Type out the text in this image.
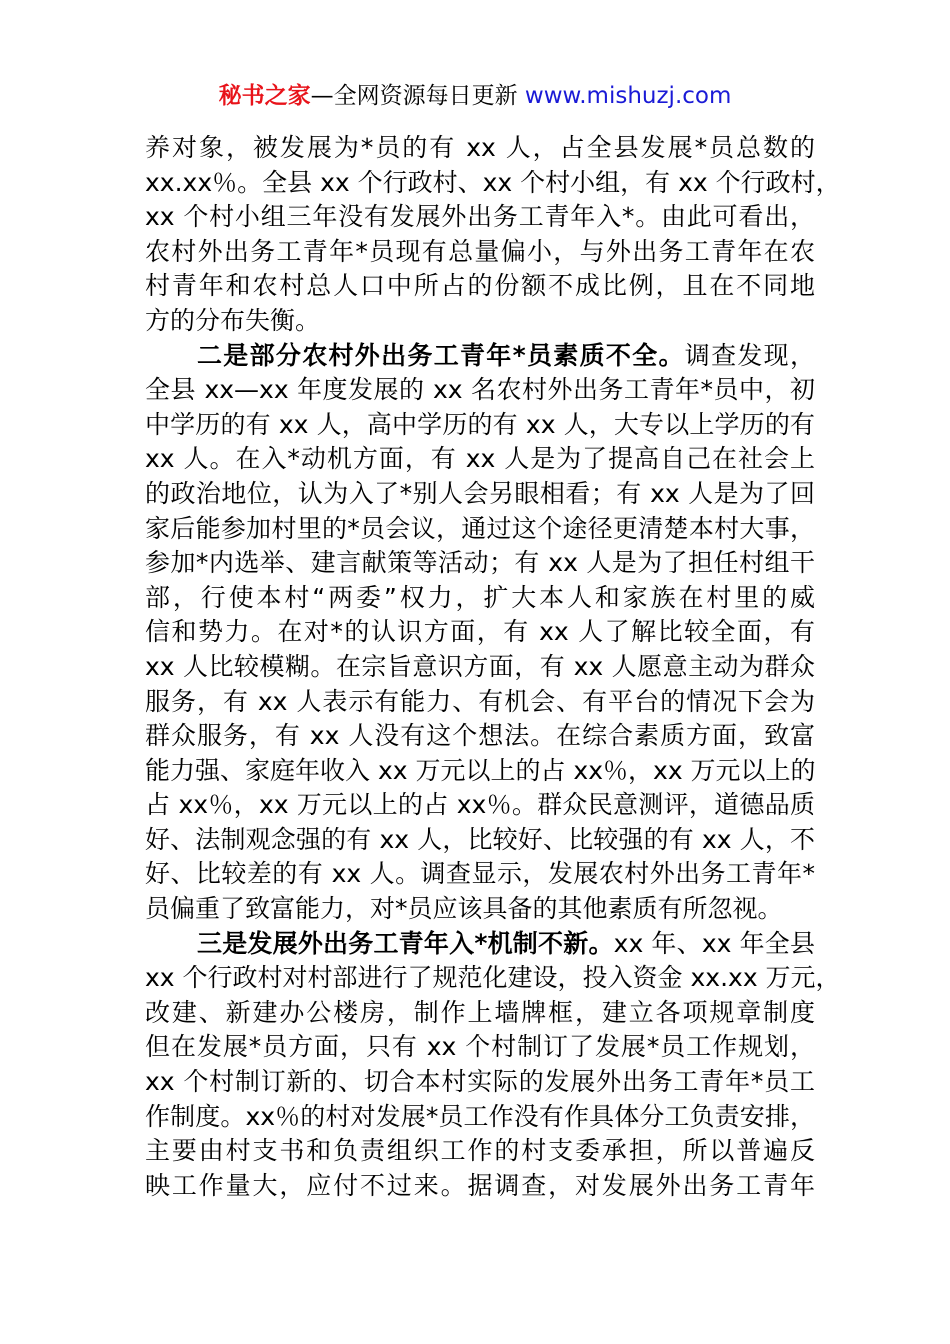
秘书之家—全网资源每日更新 www.mishuzj.com
养对象，被发展为*员的有 xx 人，占全县发展*员总数的
xx.xx％。全县 xx 个行政村、xx 个村小组，有 xx 个行政村，
xx 个村小组三年没有发展外出务工青年入*。由此可看出，
农村外出务工青年*员现有总量偏小，与外出务工青年在农
村青年和农村总人口中所占的份额不成比例，且在不同地
方的分布失衡。
二是部分农村外出务工青年*员素质不全。调查发现，
全县 xx—xx 年度发展的 xx 名农村外出务工青年*员中，初
中学历的有 xx 人，高中学历的有 xx 人，大专以上学历的有
xx 人。在入*动机方面，有 xx 人是为了提高自己在社会上
的政治地位，认为入了*别人会另眼相看；有 xx 人是为了回
家后能参加村里的*员会议，通过这个途径更清楚本村大事，
参加*内选举、建言献策等活动；有 xx 人是为了担任村组干
部，行使本村“两委”权力，扩大本人和家族在村里的威
信和势力。在对*的认识方面，有 xx 人了解比较全面，有
xx 人比较模糊。在宗旨意识方面，有 xx 人愿意主动为群众
服务，有 xx 人表示有能力、有机会、有平台的情况下会为
群众服务，有 xx 人没有这个想法。在综合素质方面，致富
能力强、家庭年收入 xx 万元以上的占 xx％，xx 万元以上的
占 xx％，xx 万元以上的占 xx％。群众民意测评，道德品质
好、法制观念强的有 xx 人，比较好、比较强的有 xx 人，不
好、比较差的有 xx 人。调查显示，发展农村外出务工青年*
员偏重了致富能力，对*员应该具备的其他素质有所忽视。
三是发展外出务工青年入*机制不新。xx 年、xx 年全县
xx 个行政村对村部进行了规范化建设，投入资金 xx.xx 万元，
改建、新建办公楼房，制作上墙牌框，建立各项规章制度
但在发展*员方面，只有 xx 个村制订了发展*员工作规划，
xx 个村制订新的、切合本村实际的发展外出务工青年*员工
作制度。xx％的村对发展*员工作没有作具体分工负责安排，
主要由村支书和负责组织工作的村支委承担，所以普遍反
映工作量大，应付不过来。据调查，对发展外出务工青年
